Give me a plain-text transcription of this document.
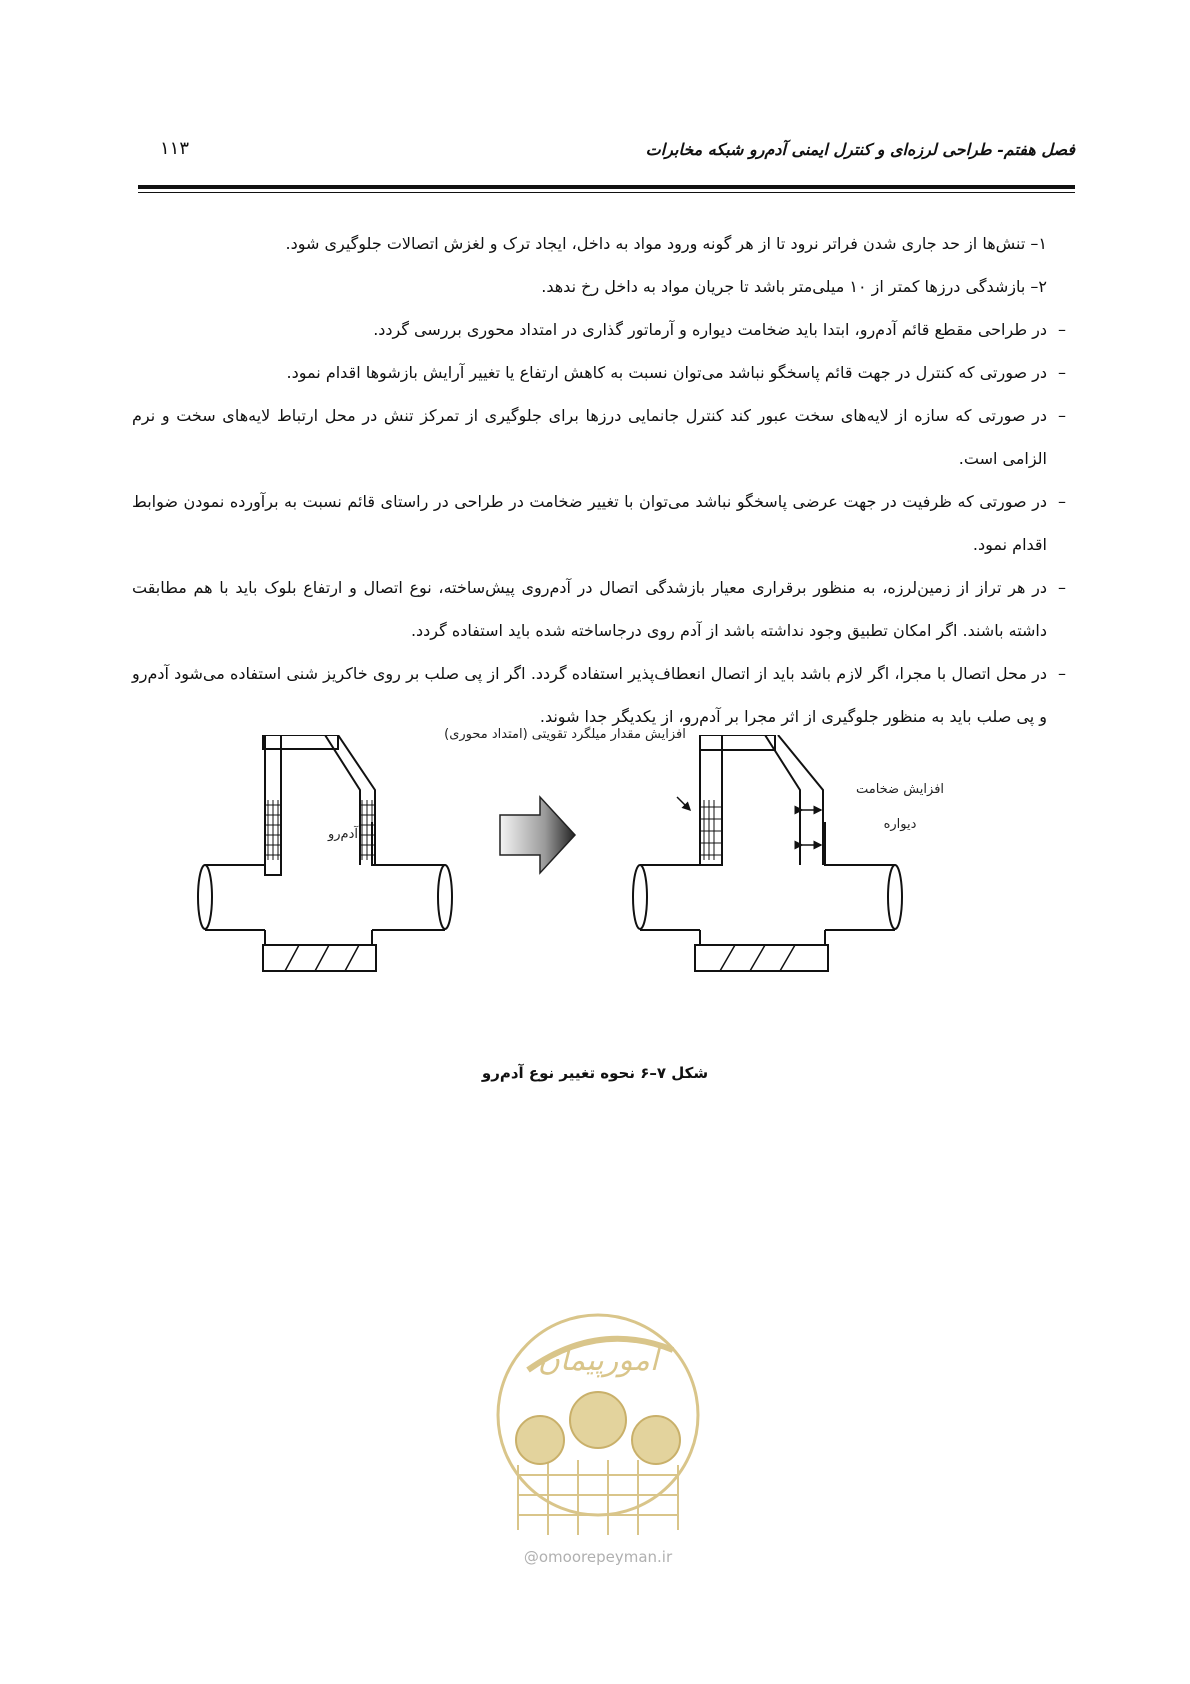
فصل هفتم- طراحی لرزه‌ای و کنترل ایمنی آدم‌رو شبکه مخابرات
۱۱۳

۱– تنش‌ها از حد جاری شدن فراتر نرود تا از هر گونه ورود مواد به داخل، ایجاد ترک و لغزش اتصالات جلوگیری شود.

۲– بازشدگی درزها کمتر از ۱۰ میلی‌متر باشد تا جریان مواد به داخل رخ ندهد.

–
در طراحی مقطع قائم آدم‌رو، ابتدا باید ضخامت دیواره و آرماتور گذاری در امتداد محوری بررسی گردد.
–
در صورتی که کنترل در جهت قائم پاسخگو نباشد می‌توان نسبت به کاهش ارتفاع یا تغییر آرایش بازشوها اقدام نمود.
–
در صورتی که سازه از لایه‌های سخت عبور کند کنترل جانمایی درزها برای جلوگیری از تمرکز تنش در محل ارتباط لایه‌های سخت و نرم الزامی است.
–
در صورتی که ظرفیت در جهت عرضی پاسخگو نباشد می‌توان با تغییر ضخامت در طراحی در راستای قائم نسبت به برآورده نمودن ضوابط اقدام نمود.
–
در هر تراز از زمین‌لرزه، به منظور برقراری معیار بازشدگی اتصال در آدم‌روی پیش‌ساخته، نوع اتصال و ارتفاع بلوک باید با هم مطابقت داشته باشند. اگر امکان تطبیق وجود نداشته باشد از آدم روی درجاساخته شده باید استفاده گردد.
–
در محل اتصال با مجرا، اگر لازم باشد باید از اتصال انعطاف‌پذیر استفاده گردد. اگر از پی صلب بر روی خاکریز شنی استفاده می‌شود آدم‌رو و پی صلب باید به منظور جلوگیری از اثر مجرا بر آدم‌رو، از یکدیگر جدا شوند.
آدم‌رو
افزایش مقدار میلگرد تقویتی (امتداد محوری)
افزایش ضخامت
دیواره
شکل ۷–۶ نحوه تغییر نوع آدم‌رو
امورپیمان
@omoorepeyman.ir
